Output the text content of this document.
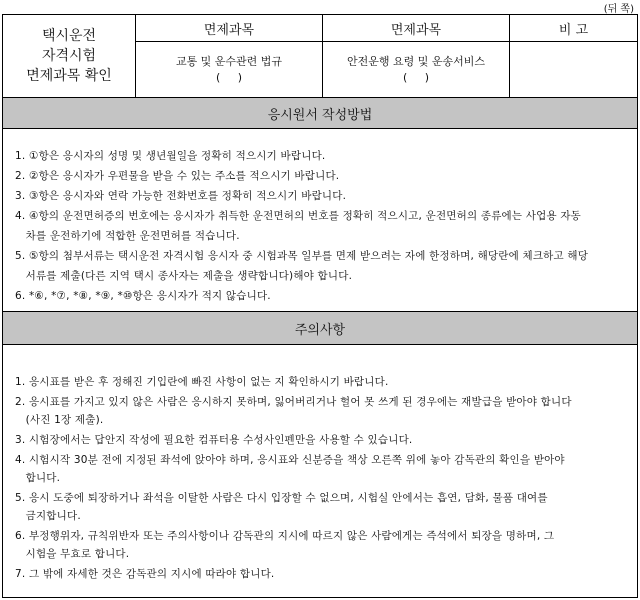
(뒤 쪽)
택시운전
자격시험
면제과목 확인
면제과목
교통 및 운수관련 법규
(     )
면제과목
안전운행 요령 및 운송서비스
(     )
비 고
응시원서 작성방법
1. ①항은 응시자의 성명 및 생년월일을 정확히 적으시기 바랍니다.
2. ②항은 응시자가 우편물을 받을 수 있는 주소를 적으시기 바랍니다.
3. ③항은 응시자와 연락 가능한 전화번호를 정확히 적으시기 바랍니다.
4. ④항의 운전면허증의 번호에는 응시자가 취득한 운전면허의 번호를 정확히 적으시고, 운전면허의 종류에는 사업용 자동
차를 운전하기에 적합한 운전면허를 적습니다.
5. ⑤항의 첨부서류는 택시운전 자격시험 응시자 중 시험과목 일부를 면제 받으려는 자에 한정하며, 해당란에 체크하고 해당
서류를 제출(다른 지역 택시 종사자는 제출을 생략합니다)해야 합니다.
6. *⑥, *⑦, *⑧, *⑨, *⑩항은 응시자가 적지 않습니다.
주의사항
1. 응시표를 받은 후 정해진 기입란에 빠진 사항이 없는 지 확인하시기 바랍니다.
2. 응시표를 가지고 있지 않은 사람은 응시하지 못하며, 잃어버리거나 헐어 못 쓰게 된 경우에는 재발급을 받아야 합니다
(사진 1장 제출).
3. 시험장에서는 답안지 작성에 필요한 컴퓨터용 수성사인펜만을 사용할 수 있습니다.
4. 시험시작 30분 전에 지정된 좌석에 앉아야 하며, 응시표와 신분증을 책상 오른쪽 위에 놓아 감독관의 확인을 받아야
합니다.
5. 응시 도중에 퇴장하거나 좌석을 이탈한 사람은 다시 입장할 수 없으며, 시험실 안에서는 흡연, 담화, 물품 대여를
금지합니다.
6. 부정행위자, 규칙위반자 또는 주의사항이나 감독관의 지시에 따르지 않은 사람에게는 즉석에서 퇴장을 명하며, 그
시험을 무효로 합니다.
7. 그 밖에 자세한 것은 감독관의 지시에 따라야 합니다.
